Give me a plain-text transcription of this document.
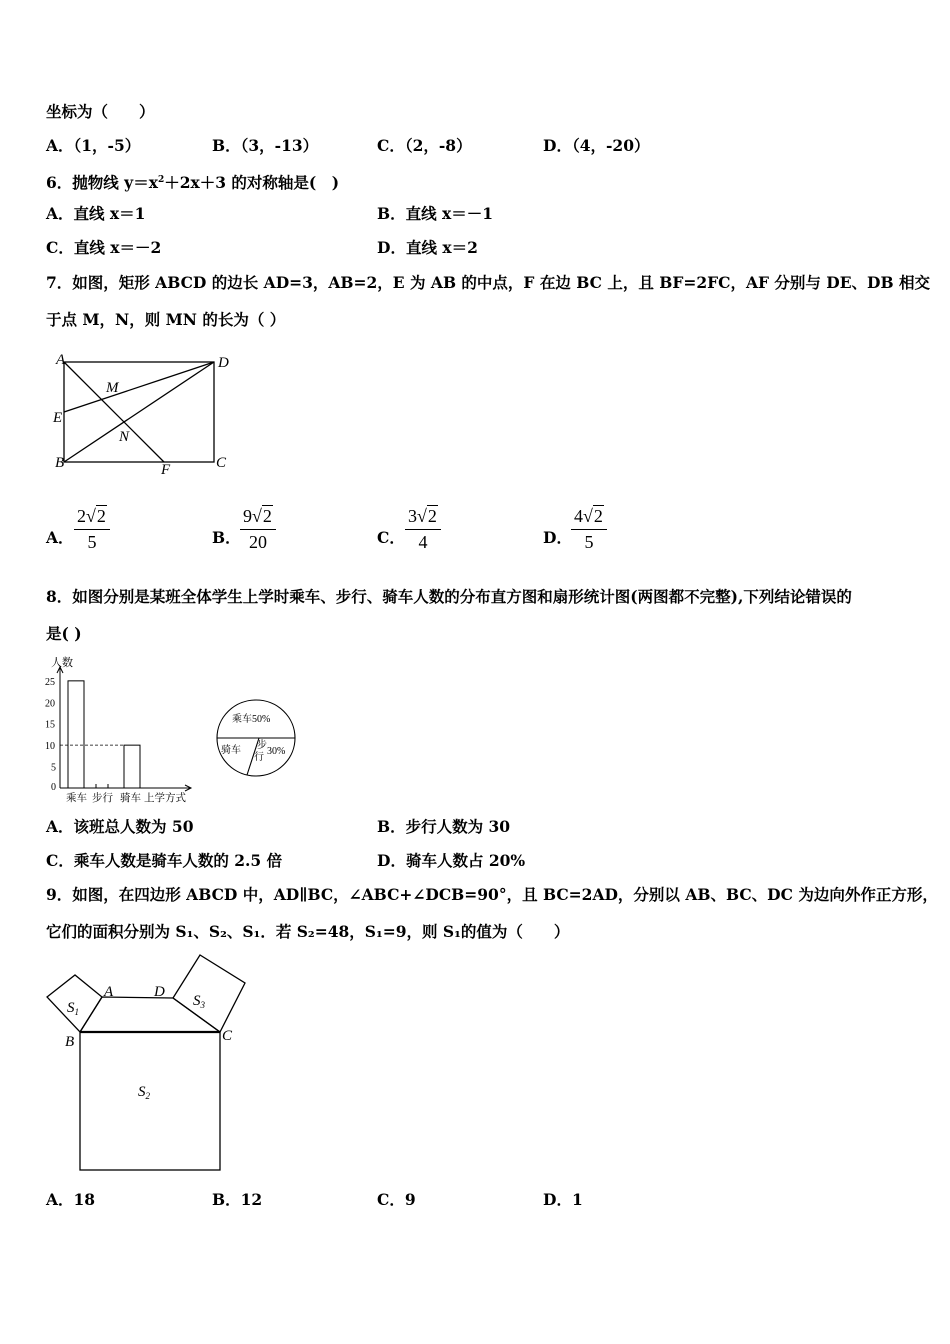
坐标为（　　）
A．（1，-5）	B．（3，-13）	C．（2，-8）	D．（4，-20）
6．抛物线 $y=x^2+2x+3$ 的对称轴是(　)
A．直线 x＝1	B．直线 x＝－1
C．直线 x＝－2	D．直线 x＝2
7．如图，矩形 ABCD 的边长 AD=3，AB=2，E 为 AB 的中点，F 在边 BC 上，且 BF=2FC，AF 分别与 DE、DB 相交
于点 M，N，则 MN 的长为（ ）
A	D
E
B	C
F
M
N
A． $\frac{2√2}{5}$	B． $\frac{9√2}{20}$	C． $\frac{3√2}{4}$	D． $\frac{4√2}{5}$
8．如图分别是某班全体学生上学时乘车、步行、骑车人数的分布直方图和扇形统计图(两图都不完整),下列结论错误的
是( )
人数
0
5
10
15
20
25
乘车 步行 骑车 上学方式
乘车50%
骑车 步
行
30%
A．该班总人数为 50	B．步行人数为 30
C．乘车人数是骑车人数的 2.5 倍	D．骑车人数占 20%
9．如图，在四边形 ABCD 中，AD∥BC，∠ABC+∠DCB=90°，且 BC=2AD，分别以 AB、BC、DC 为边向外作正方形，
它们的面积分别为 S₁、S₂、S₁．若 S₂=48，S₁=9，则 S₁的值为（　　）
A	D
B	C
$S_1$
$S_3$
$S_2$
A．18	B．12	C．9	D．1
